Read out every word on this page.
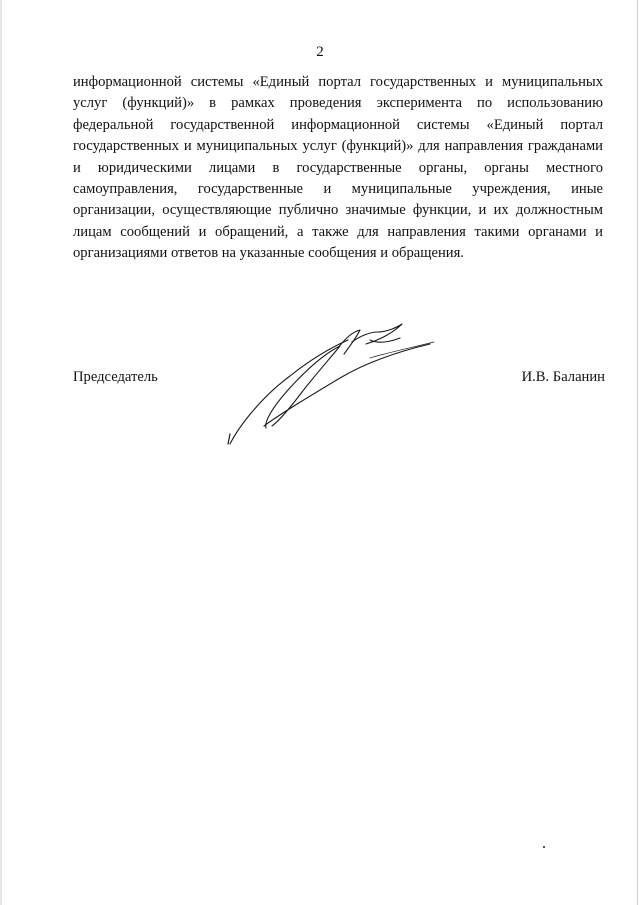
2

информационной системы «Единый портал государственных и муниципальных
услуг (функций)» в рамках проведения эксперимента по использованию
федеральной государственной информационной системы «Единый портал
государственных и муниципальных услуг (функций)» для направления гражданами
и юридическими лицами в государственные органы, органы местного
самоуправления, государственные и муниципальные учреждения, иные
организации, осуществляющие публично значимые функции, и их должностным
лицам сообщений и обращений, а также для направления такими органами и
организациями ответов на указанные сообщения и обращения.

Председатель	И.В. Баланин
